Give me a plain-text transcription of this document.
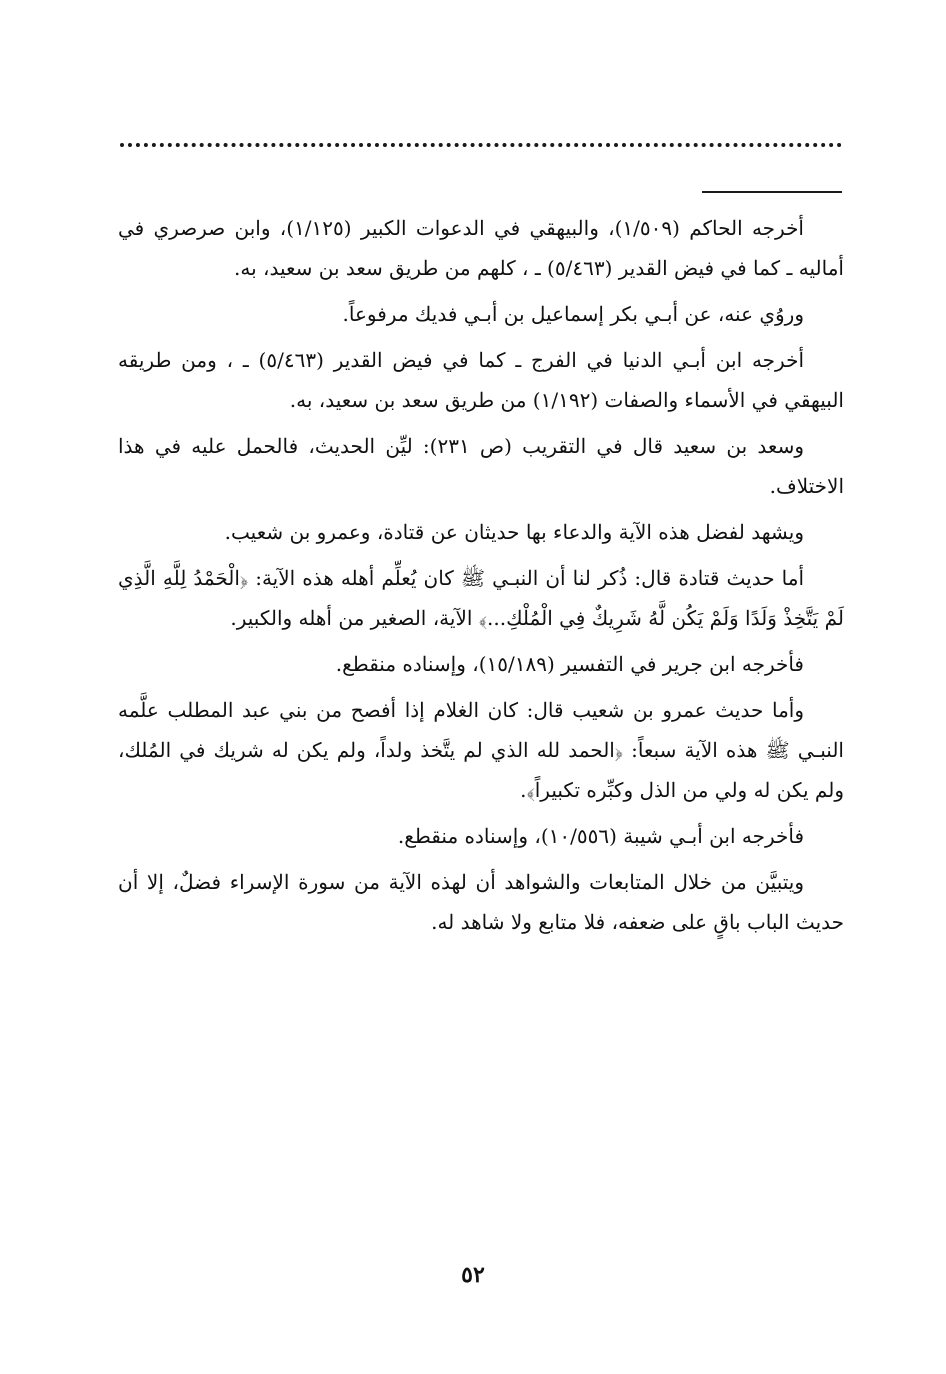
أخرجه الحاكم (١/٥٠٩)، والبيهقي في الدعوات الكبير (١/١٢٥)، وابن صرصري في أماليه ـ كما في فيض القدير (٥/٤٦٣) ـ ، كلهم من طريق سعد بن سعيد، به.

وروُي عنه، عن أبـي بكر إسماعيل بن أبـي فديك مرفوعاً.

أخرجه ابن أبـي الدنيا في الفرج ـ كما في فيض القدير (٥/٤٦٣) ـ ، ومن طريقه البيهقي في الأسماء والصفات (١/١٩٢) من طريق سعد بن سعيد، به.

وسعد بن سعيد قال في التقريب (ص ٢٣١): ليِّن الحديث، فالحمل عليه في هذا الاختلاف.

ويشهد لفضل هذه الآية والدعاء بها حديثان عن قتادة، وعمرو بن شعيب.

أما حديث قتادة قال: ذُكر لنا أن النبـي ﷺ كان يُعلِّم أهله هذه الآية: ﴿الْحَمْدُ لِلَّهِ الَّذِي لَمْ يَتَّخِذْ وَلَدًا وَلَمْ يَكُن لَّهُ شَرِيكٌ فِي الْمُلْكِ...﴾ الآية، الصغير من أهله والكبير.

فأخرجه ابن جرير في التفسير (١٥/١٨٩)، وإسناده منقطع.

وأما حديث عمرو بن شعيب قال: كان الغلام إذا أفصح من بني عبد المطلب علَّمه النبـي ﷺ هذه الآية سبعاً: ﴿الحمد لله الذي لم يتَّخذ ولداً، ولم يكن له شريك في المُلك، ولم يكن له ولي من الذل وكبِّره تكبيراً﴾.

فأخرجه ابن أبـي شيبة (١٠/٥٥٦)، وإسناده منقطع.

ويتبيَّن من خلال المتابعات والشواهد أن لهذه الآية من سورة الإسراء فضلٌ، إلا أن حديث الباب باقٍ على ضعفه، فلا متابع ولا شاهد له.

٥٢
